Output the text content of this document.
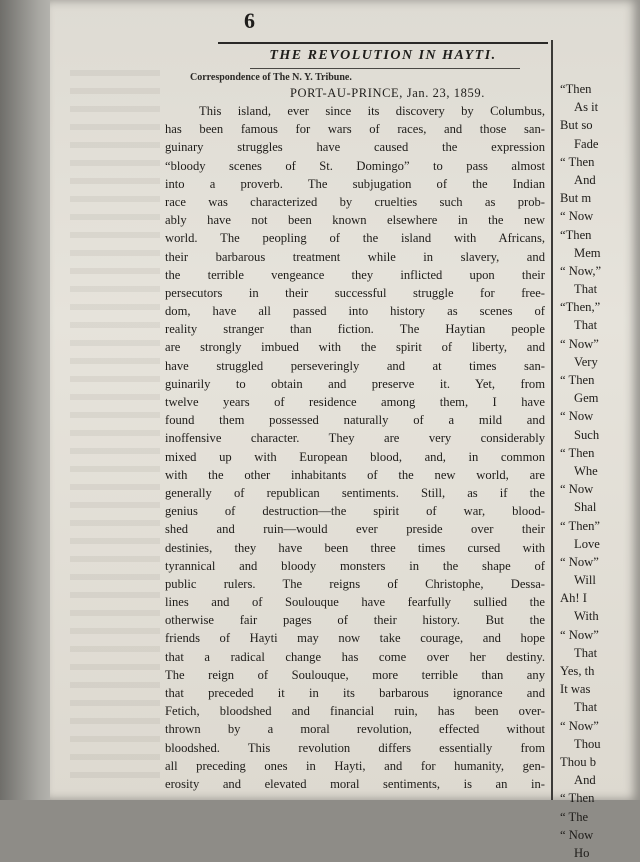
6
THE REVOLUTION IN HAYTI.
Correspondence of The N. Y. Tribune.
PORT-AU-PRINCE, Jan. 23, 1859.
This island, ever since its discovery by Columbus,
has been famous for wars of races, and those san-
guinary struggles have caused the expression
“bloody scenes of St. Domingo” to pass almost
into a proverb. The subjugation of the Indian
race was characterized by cruelties such as prob-
ably have not been known elsewhere in the new
world. The peopling of the island with Africans,
their barbarous treatment while in slavery, and
the terrible vengeance they inflicted upon their
persecutors in their successful struggle for free-
dom, have all passed into history as scenes of
reality stranger than fiction. The Haytian people
are strongly imbued with the spirit of liberty, and
have struggled perseveringly and at times san-
guinarily to obtain and preserve it. Yet, from
twelve years of residence among them, I have
found them possessed naturally of a mild and
inoffensive character. They are very considerably
mixed up with European blood, and, in common
with the other inhabitants of the new world, are
generally of republican sentiments. Still, as if the
genius of destruction—the spirit of war, blood-
shed and ruin—would ever preside over their
destinies, they have been three times cursed with
tyrannical and bloody monsters in the shape of
public rulers. The reigns of Christophe, Dessa-
lines and of Soulouque have fearfully sullied the
otherwise fair pages of their history. But the
friends of Hayti may now take courage, and hope
that a radical change has come over her destiny.
The reign of Soulouque, more terrible than any
that preceded it in its barbarous ignorance and
Fetich, bloodshed and financial ruin, has been over-
thrown by a moral revolution, effected without
bloodshed. This revolution differs essentially from
all preceding ones in Hayti, and for humanity, gen-
erosity and elevated moral sentiments, is an in-
“Then
As it
But so
Fade
“ Then
And
But m
“ Now
“Then
Mem
“ Now,”
That
“Then,”
That
“ Now”
Very
“ Then
Gem
“ Now
Such
“ Then
Whe
“ Now
Shal
“ Then”
Love
“ Now”
Will
Ah! I
With
“ Now”
That
Yes, th
It was
That
“ Now”
Thou
Thou b
And
“ Then
“ The
“ Now
Ho
